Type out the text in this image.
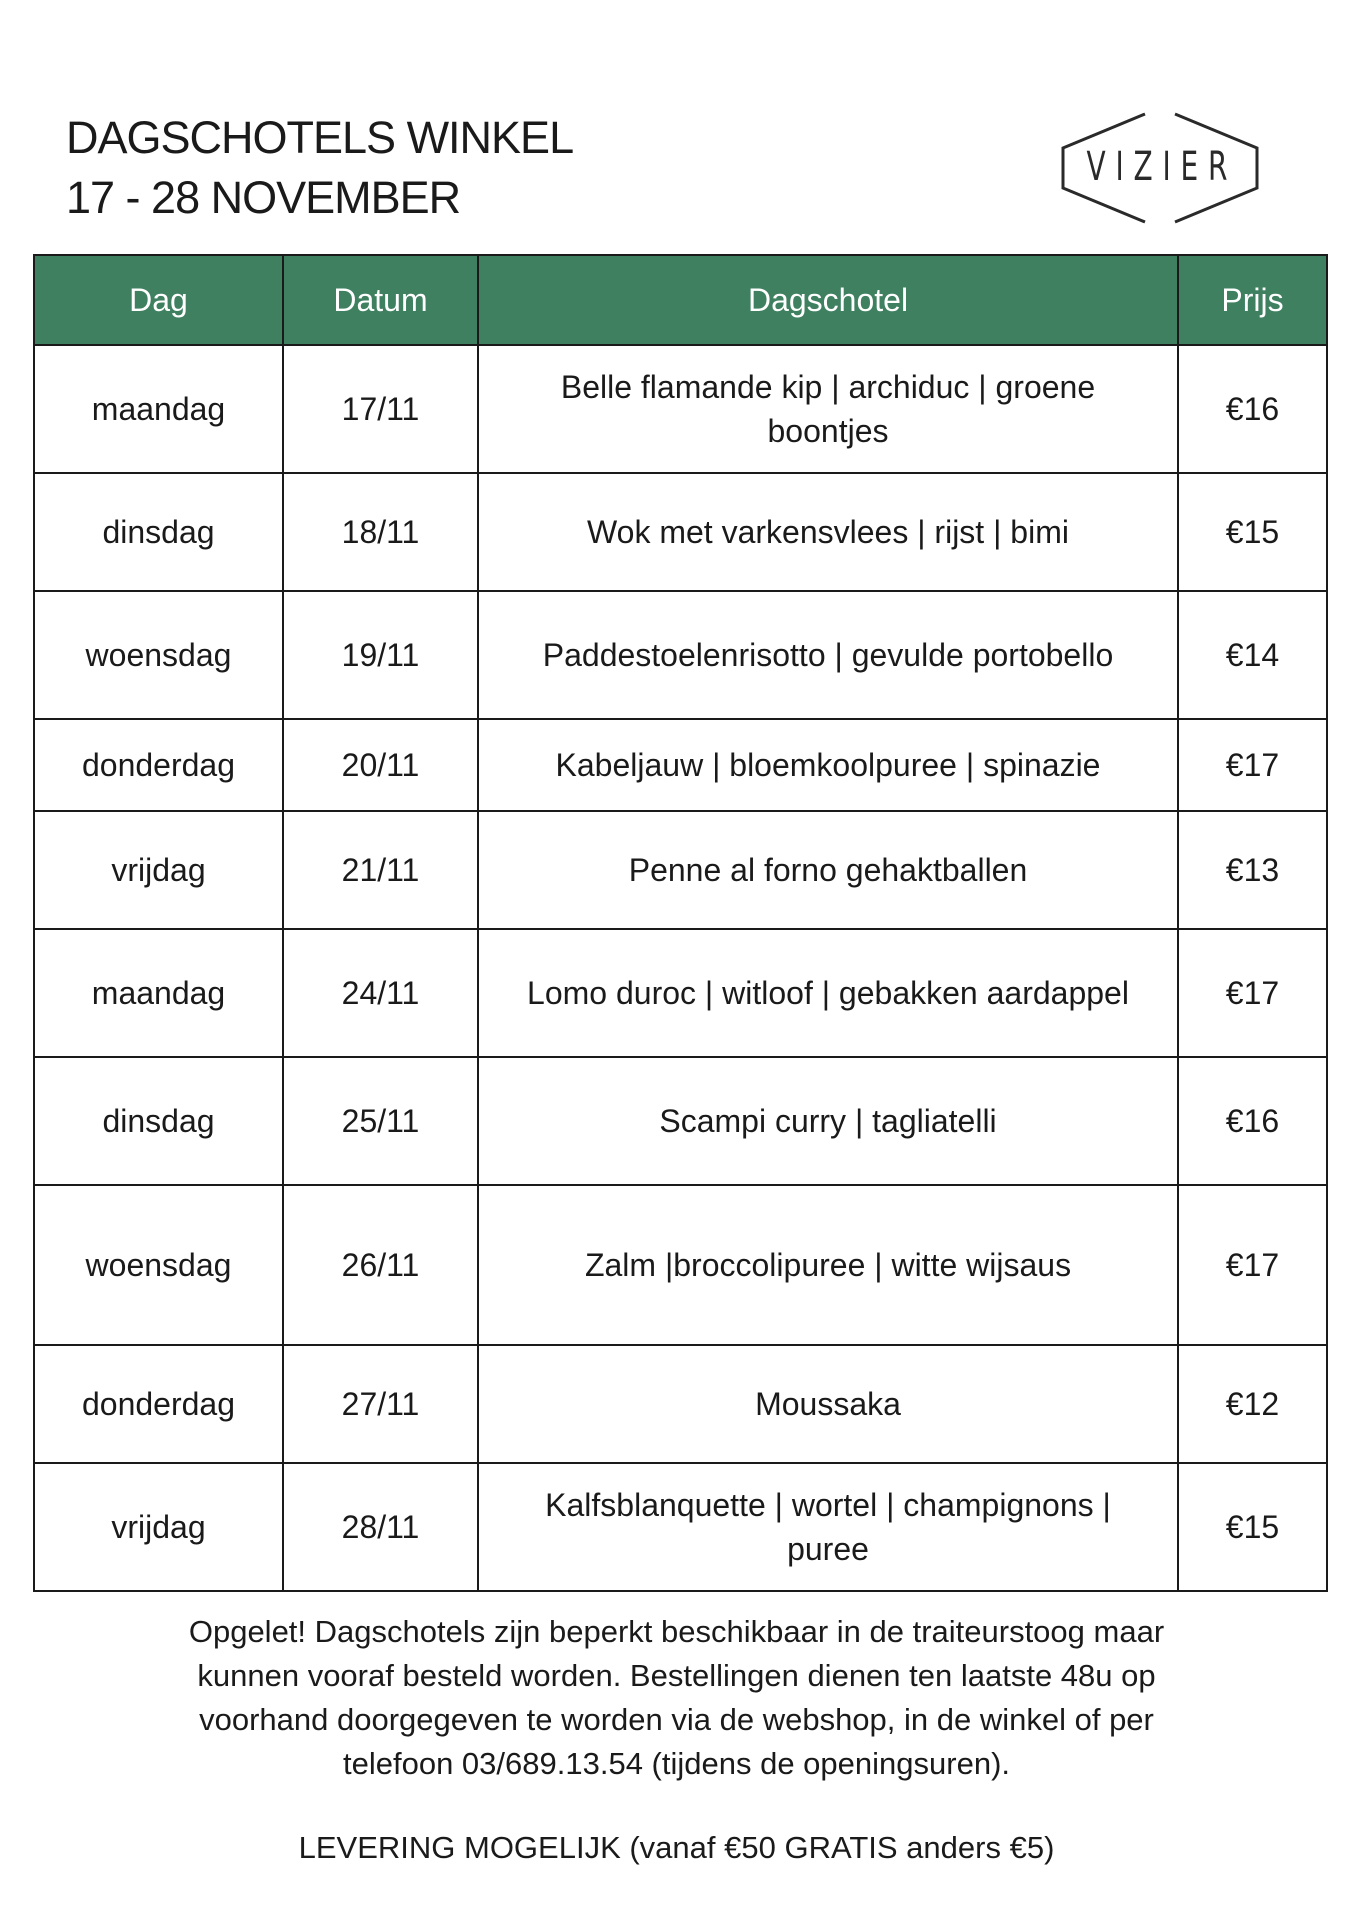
DAGSCHOTELS WINKEL
17 - 28 NOVEMBER
VIZIER
Dag	Datum	Dagschotel	Prijs
maandag	17/11	Belle flamande kip | archiduc | groene boontjes	€16
dinsdag	18/11	Wok met varkensvlees | rijst | bimi	€15
woensdag	19/11	Paddestoelenrisotto | gevulde portobello	€14
donderdag	20/11	Kabeljauw | bloemkoolpuree | spinazie	€17
vrijdag	21/11	Penne al forno gehaktballen	€13
maandag	24/11	Lomo duroc | witloof | gebakken aardappel	€17
dinsdag	25/11	Scampi curry | tagliatelli	€16
woensdag	26/11	Zalm |broccolipuree | witte wijsaus	€17
donderdag	27/11	Moussaka	€12
vrijdag	28/11	Kalfsblanquette | wortel | champignons | puree	€15
Opgelet! Dagschotels zijn beperkt beschikbaar in de traiteurstoog maar kunnen vooraf besteld worden. Bestellingen dienen ten laatste 48u op voorhand doorgegeven te worden via de webshop, in de winkel of per telefoon 03/689.13.54 (tijdens de openingsuren).
LEVERING MOGELIJK (vanaf €50 GRATIS anders €5)
